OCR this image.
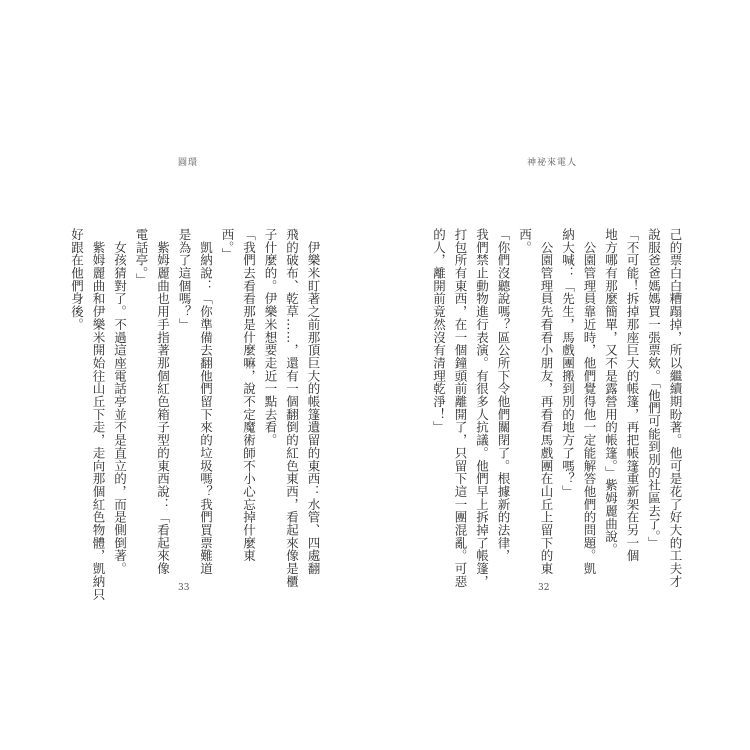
圓環
　伊樂米盯著之前那頂巨大的帳篷遺留的東西：水管、四處翻
飛的破布、乾草……，還有一個翻倒的紅色東西，看起來像是櫃
子什麼的。伊樂米想要走近一點去看。
「我們去看看那是什麼嘛，說不定魔術師不小心忘掉什麼東
西。」
　凱納說：「你準備去翻他們留下來的垃圾嗎？我們買票難道
是為了這個嗎？」
　紫姆麗曲也用手指著那個紅色箱子型的東西說：「看起來像
電話亭。」
　女孩猜對了。不過這座電話亭並不是直立的，而是側倒著。
　紫姆麗曲和伊樂米開始往山丘下走，走向那個紅色物體，凱納只
好跟在他們身後。
33
神祕來電人
己的票白白糟蹋掉，所以繼續期盼著。他可是花了好大的工夫才
說服爸爸媽媽買一張票欸。「他們可能到別的社區去了。」
「不可能！拆掉那座巨大的帳篷，再把帳篷重新架在另一個
地方哪有那麼簡單，又不是露營用的帳篷。」紫姆麗曲說。
　公園管理員靠近時，他們覺得他一定能解答他們的問題。凱
納大喊：「先生，馬戲團搬到別的地方了嗎？」
　公園管理員先看看小朋友，再看看馬戲團在山丘上留下的東
西。
「你們沒聽說嗎？區公所下令他們關閉了。根據新的法律，
我們禁止動物進行表演。有很多人抗議。他們早上拆掉了帳篷，
打包所有東西，在一個鐘頭前離開了，只留下這一團混亂。可惡
的人，離開前竟然沒有清理乾淨！」
32
